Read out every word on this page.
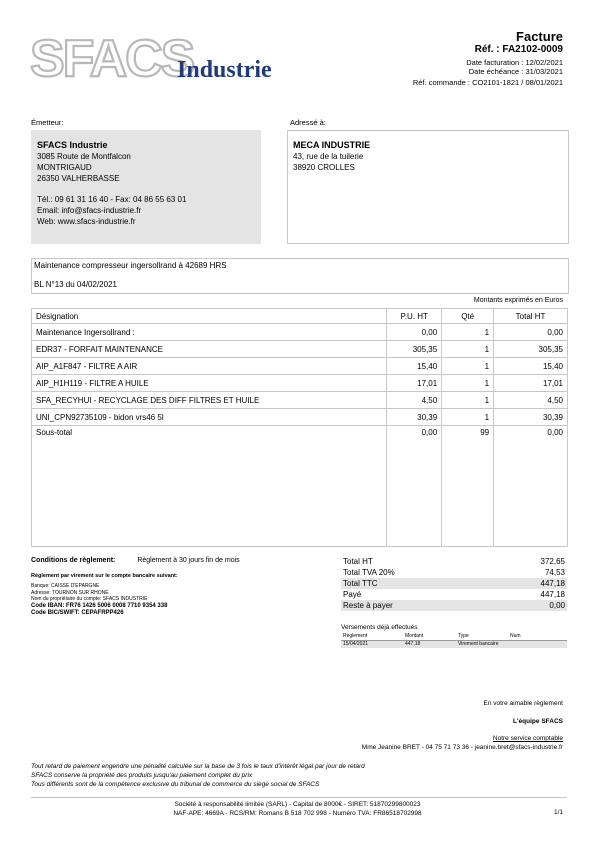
SFACS
Industrie
Facture
Réf. : FA2102-0009
Date facturation : 12/02/2021
Date échéance : 31/03/2021
Réf. commande : CO2101-1821 / 08/01/2021
Émetteur:	Adressé à:
SFACS Industrie
3085 Route de Montfalcon
MONTRIGAUD
26350 VALHERBASSE
Tél.: 09 61 31 16 40 - Fax: 04 86 55 63 01
Email: info@sfacs-industrie.fr
Web: www.sfacs-industrie.fr
MECA INDUSTRIE
43, rue de la tuilerie
38920 CROLLES
Maintenance compresseur ingersollrand à 42689 HRS
BL N°13 du 04/02/2021
Montants exprimés en Euros
Désignation	P.U. HT	Qté	Total HT
Maintenance Ingersollrand :	0,00	1	0,00
EDR37 - FORFAIT MAINTENANCE	305,35	1	305,35
AIP_A1F847 - FILTRE A AIR	15,40	1	15,40
AIP_H1H119 - FILTRE A HUILE	17,01	1	17,01
SFA_RECYHUI - RECYCLAGE DES DIFF FILTRES ET HUILE	4,50	1	4,50
UNI_CPN92735109 - bidon vrs46 5l	30,39	1	30,39
Sous-total	0,00	99	0,00
Conditions de règlement:	Règlement à 30 jours fin de mois
Règlement par virement sur le compte bancaire suivant:
Banque: CAISSE D'EPARGNE
Adresse: TOURNON SUR RHONE
Nom du propriétaire du compte: SFACS INDUSTRIE
Code IBAN: FR76 1426 5006 0008 7710 9354 338
Code BIC/SWIFT: CEPAFRPP426
Total HT	372,65
Total TVA 20%	74,53
Total TTC	447,18
Payé	447,18
Reste à payer	0,00
Versements déjà effectués
Règlement	Montant	Type	Num
15/04/2021	447,18	Virement bancaire
En votre aimable règlement
L'équipe SFACS
Notre service comptable
Mme Jeanine BRET - 04 75 71 73 36 - jeanine.bret@sfacs-industrie.fr
Tout retard de paiement engendre une pénalité calculée sur la base de 3 fois le taux d'intérêt légal par jour de retard
SFACS conserve la propriété des produits jusqu'au paiement complet du prix
Tous différents sont de la compétence exclusive du tribunal de commerce du siège social de SFACS
Société à responsabilité limitée (SARL) - Capital de 8000€ - SIRET: 51870299800023
NAF-APE: 4669A - RCS/RM: Romans B 518 702 998 - Numéro TVA: FR86518702998	1/1
